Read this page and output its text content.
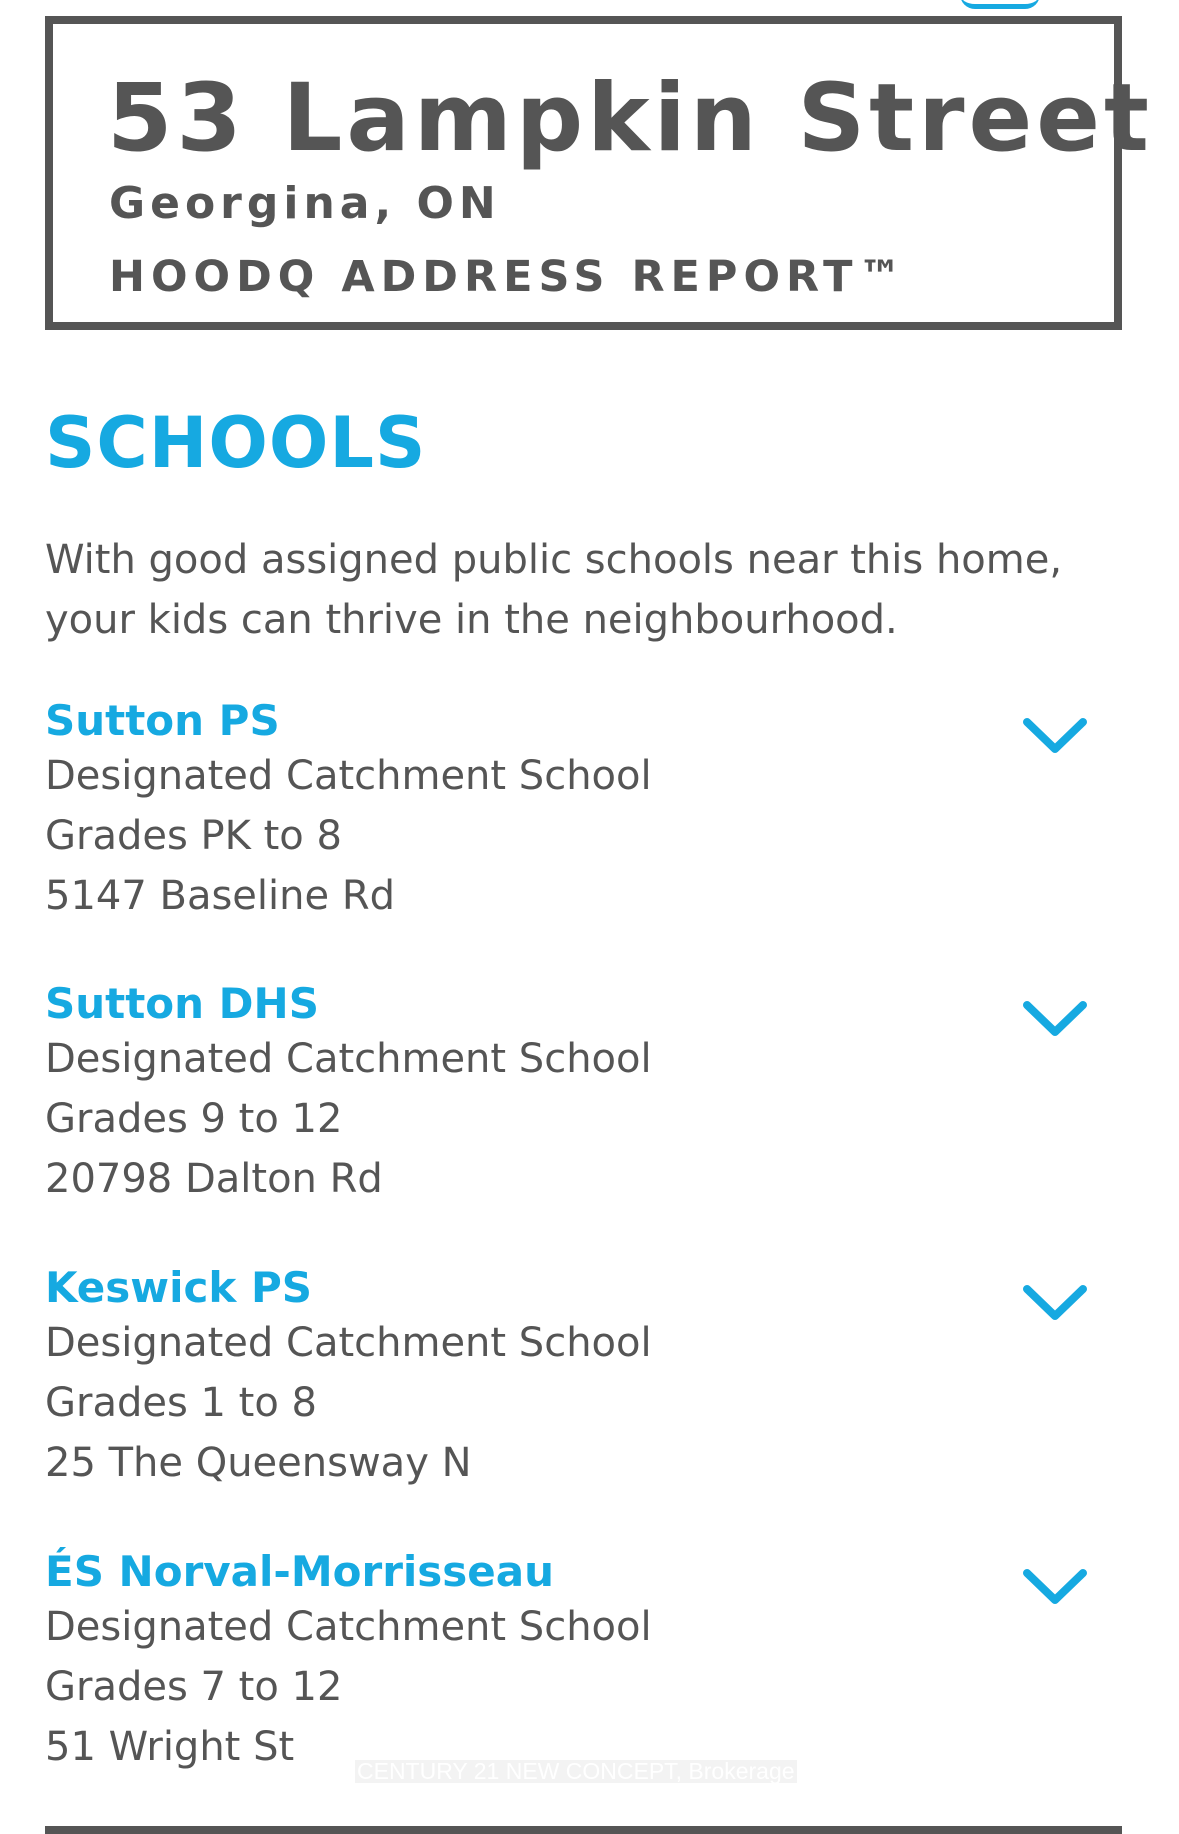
53 Lampkin Street
Georgina, ON
HOODQ ADDRESS REPORT™
SCHOOLS

With good assigned public schools near this home, your kids can thrive in the neighbourhood.

Sutton PS
Designated Catchment School
Grades PK to 8
5147 Baseline Rd
Sutton DHS
Designated Catchment School
Grades 9 to 12
20798 Dalton Rd
Keswick PS
Designated Catchment School
Grades 1 to 8
25 The Queensway N
ÉS Norval-Morrisseau
Designated Catchment School
Grades 7 to 12
51 Wright St
CENTURY 21 NEW CONCEPT, Brokerage
